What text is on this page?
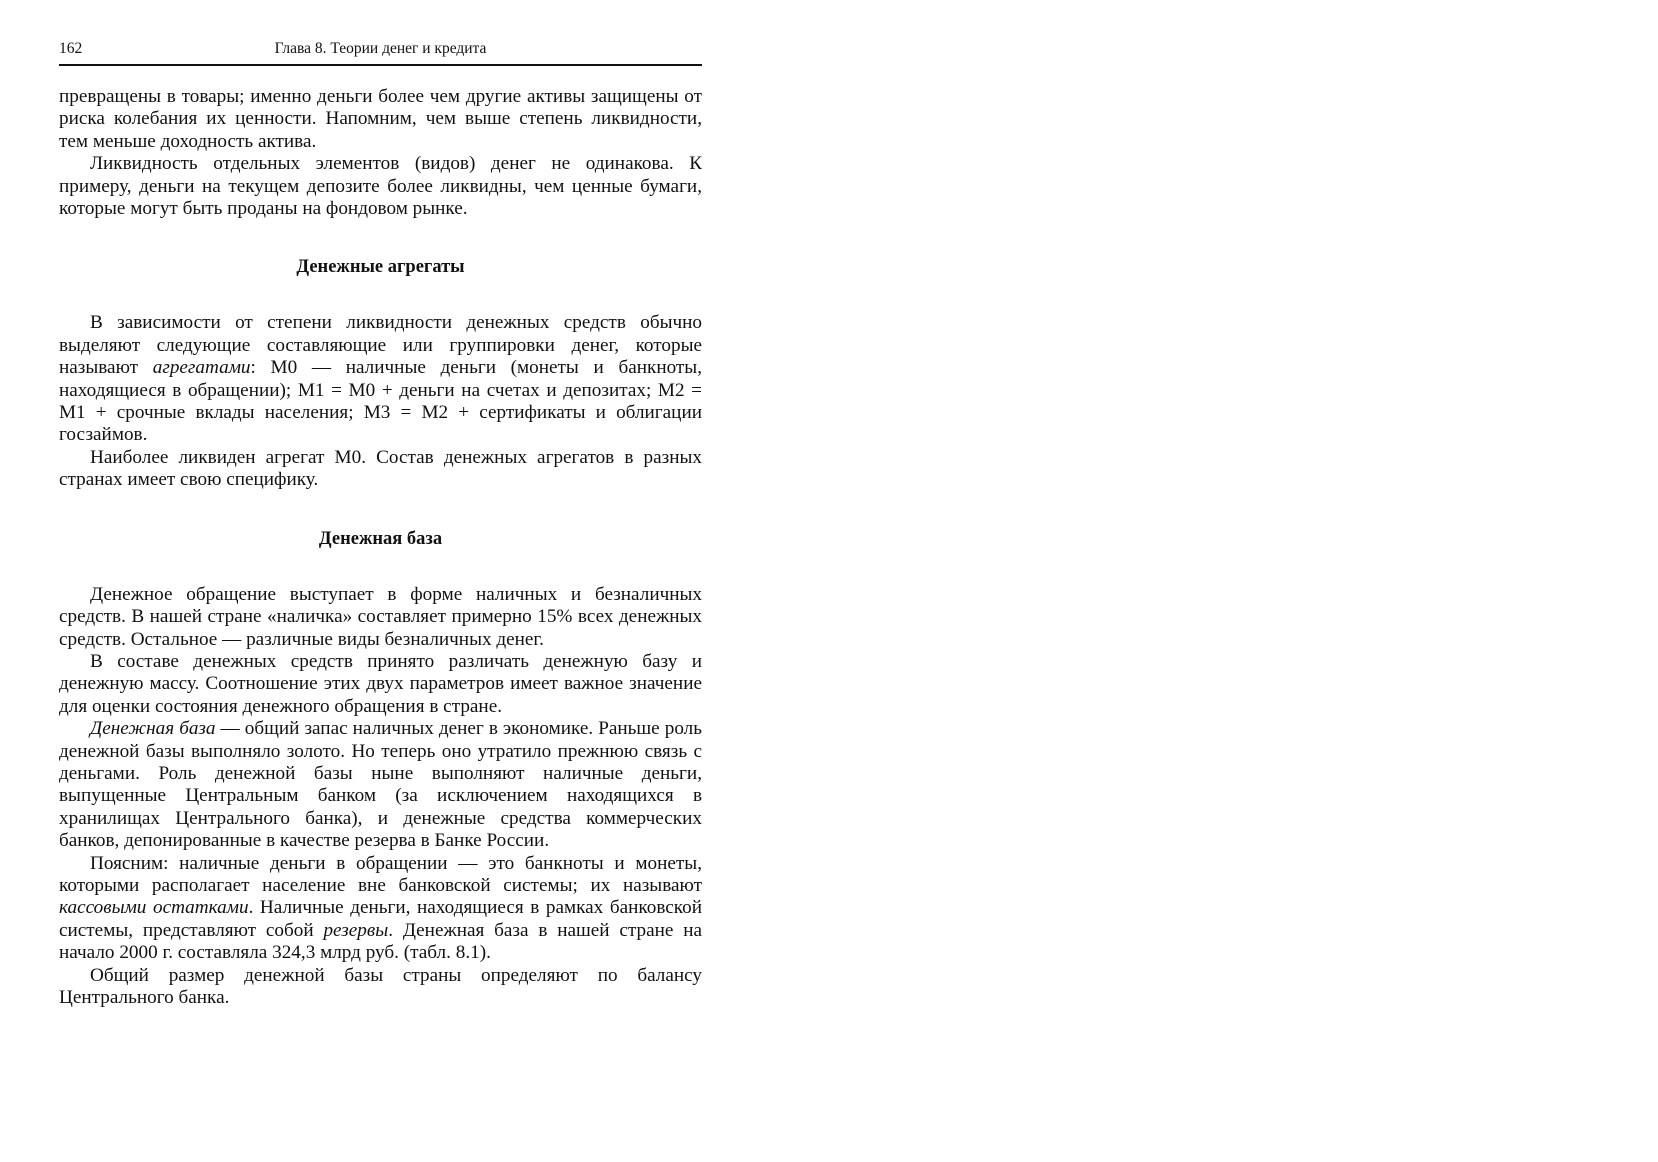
162	Глава 8. Теории денег и кредита

превращены в товары; именно деньги более чем другие активы защищены от риска колебания их ценности. Напомним, чем выше степень ликвидности, тем меньше доходность актива.

Ликвидность отдельных элементов (видов) денег не одинакова. К примеру, деньги на текущем депозите более ликвидны, чем ценные бумаги, которые могут быть проданы на фондовом рынке.

Денежные агрегаты

В зависимости от степени ликвидности денежных средств обычно выделяют следующие составляющие или группировки денег, которые называют агрегатами: М0 — наличные деньги (монеты и банкноты, находящиеся в обращении); М1 = М0 + деньги на счетах и депозитах; М2 = М1 + срочные вклады населения; М3 = М2 + сертификаты и облигации госзаймов.

Наиболее ликвиден агрегат М0. Состав денежных агрегатов в разных странах имеет свою специфику.

Денежная база

Денежное обращение выступает в форме наличных и безналичных средств. В нашей стране «наличка» составляет примерно 15% всех денежных средств. Остальное — различные виды безналичных денег.

В составе денежных средств принято различать денежную базу и денежную массу. Соотношение этих двух параметров имеет важное значение для оценки состояния денежного обращения в стране.

Денежная база — общий запас наличных денег в экономике. Раньше роль денежной базы выполняло золото. Но теперь оно утратило прежнюю связь с деньгами. Роль денежной базы ныне выполняют наличные деньги, выпущенные Центральным банком (за исключением находящихся в хранилищах Центрального банка), и денежные средства коммерческих банков, депонированные в качестве резерва в Банке России.

Поясним: наличные деньги в обращении — это банкноты и монеты, которыми располагает население вне банковской системы; их называют кассовыми остатками. Наличные деньги, находящиеся в рамках банковской системы, представляют собой резервы. Денежная база в нашей стране на начало 2000 г. составляла 324,3 млрд руб. (табл. 8.1).

Общий размер денежной базы страны определяют по балансу Центрального банка.
